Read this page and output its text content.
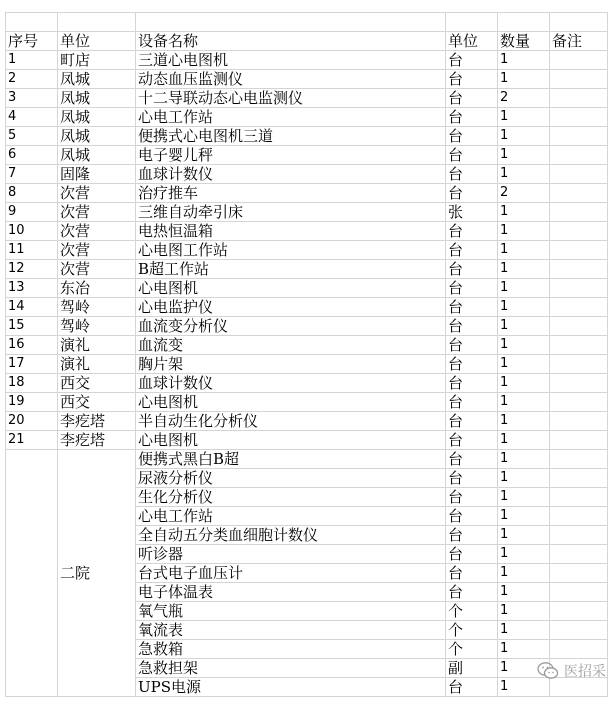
序号	单位	设备名称	单位	数量	备注
1	町店	三道心电图机	台	1	
2	凤城	动态血压监测仪	台	1	
3	凤城	十二导联动态心电监测仪	台	2	
4	凤城	心电工作站	台	1	
5	凤城	便携式心电图机三道	台	1	
6	凤城	电子婴儿秤	台	1	
7	固隆	血球计数仪	台	1	
8	次营	治疗推车	台	2	
9	次营	三维自动牵引床	张	1	
10	次营	电热恒温箱	台	1	
11	次营	心电图工作站	台	1	
12	次营	B超工作站	台	1	
13	东冶	心电图机	台	1	
14	驾岭	心电监护仪	台	1	
15	驾岭	血流变分析仪	台	1	
16	演礼	血流变	台	1	
17	演礼	胸片架	台	1	
18	西交	血球计数仪	台	1	
19	西交	心电图机	台	1	
20	李疙塔	半自动生化分析仪	台	1	
21	李疙塔	心电图机	台	1	
	二院	便携式黑白B超	台	1	
		尿液分析仪	台	1	
		生化分析仪	台	1	
		心电工作站	台	1	
		全自动五分类血细胞计数仪	台	1	
		听诊器	台	1	
		台式电子血压计	台	1	
		电子体温表	台	1	
		氧气瓶	个	1	
		氧流表	个	1	
		急救箱	个	1	
		急救担架	副	1	
		UPS电源	台	1	
医招采
